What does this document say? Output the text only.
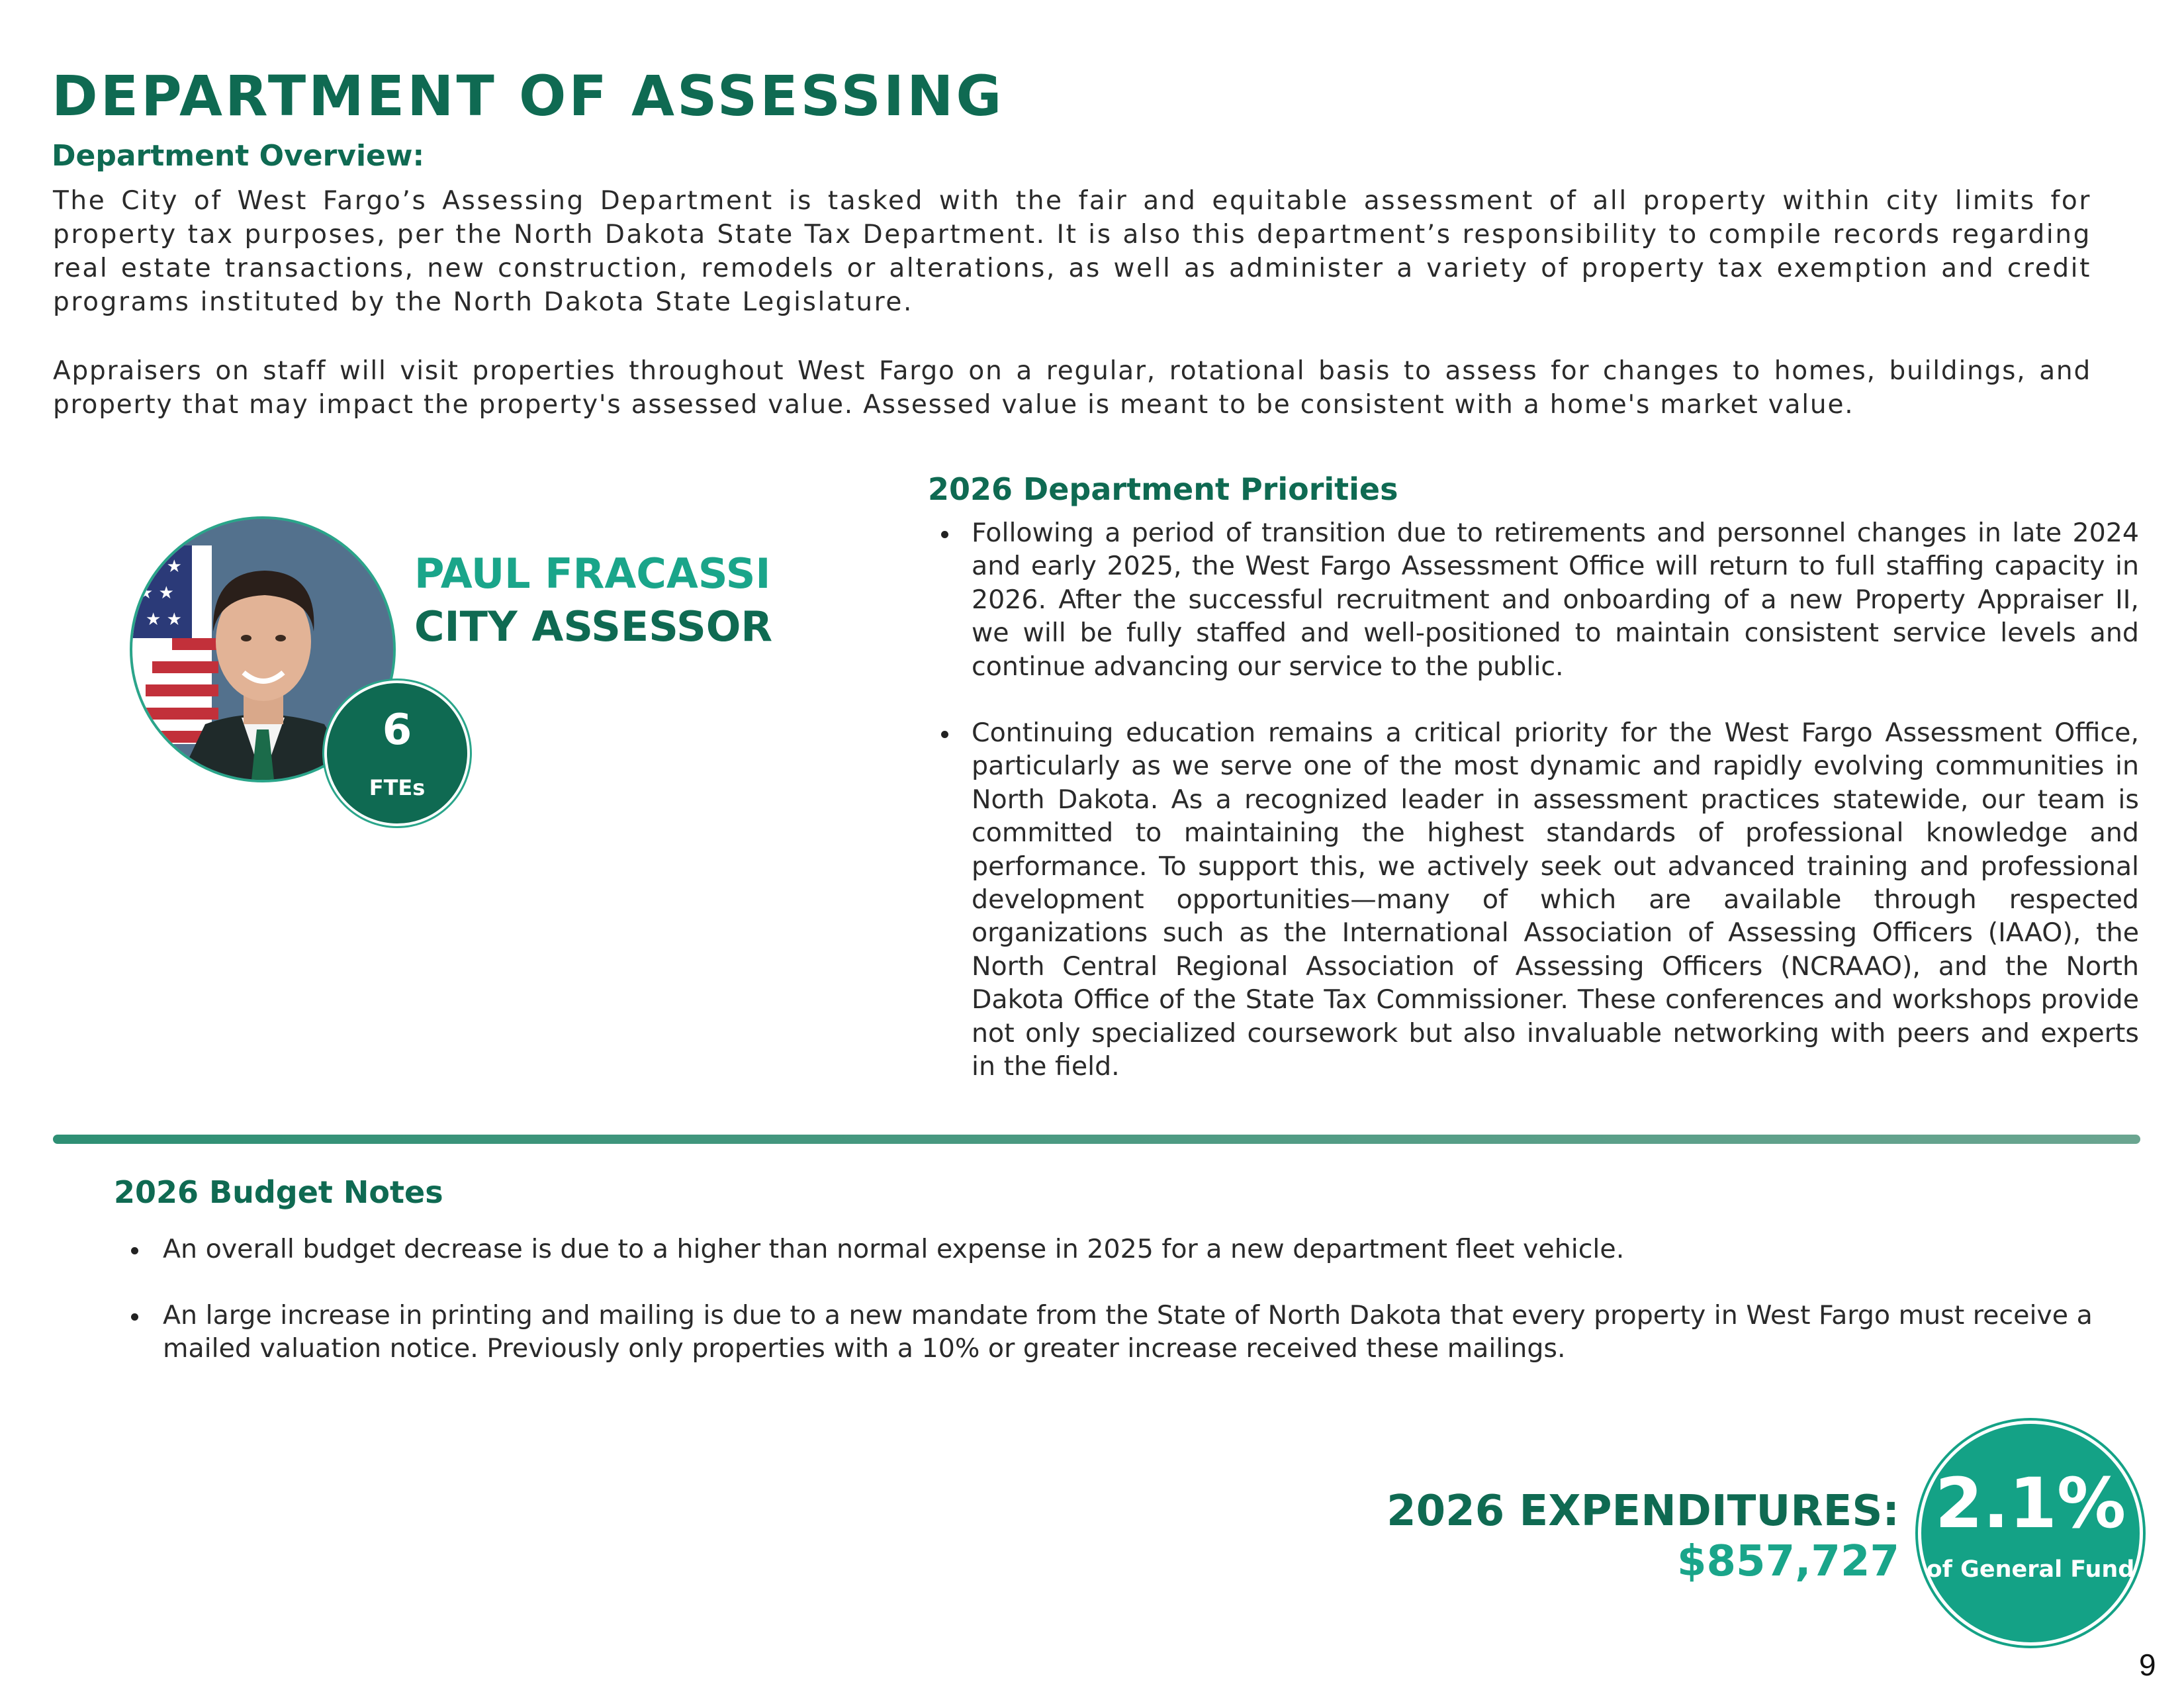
DEPARTMENT OF ASSESSING
Department Overview:

The City of West Fargo’s Assessing Department is tasked with the fair and equitable assessment of all property within city limits for property tax purposes, per the North Dakota State Tax Department. It is also this department’s responsibility to compile records regarding real estate transactions, new construction, remodels or alterations, as well as administer a variety of property tax exemption and credit programs instituted by the North Dakota State Legislature.

Appraisers on staff will visit properties throughout West Fargo on a regular, rotational basis to assess for changes to homes, buildings, and property that may impact the property's assessed value. Assessed value is meant to be consistent with a home's market value.

★ ★
★ ★
★ ★
6
FTEs
PAUL FRACASSI
CITY ASSESSOR
2026 Department Priorities
Following a period of transition due to retirements and personnel changes in late 2024 and early 2025, the West Fargo Assessment Office will return to full staffing capacity in 2026. After the successful recruitment and onboarding of a new Property Appraiser II, we will be fully staffed and well-positioned to maintain consistent service levels and continue advancing our service to the public.
Continuing education remains a critical priority for the West Fargo Assessment Office, particularly as we serve one of the most dynamic and rapidly evolving communities in North Dakota. As a recognized leader in assessment practices statewide, our team is committed to maintaining the highest standards of professional knowledge and performance. To support this, we actively seek out advanced training and professional development opportunities—many of which are available through respected organizations such as the International Association of Assessing Officers (IAAO), the North Central Regional Association of Assessing Officers (NCRAAO), and the North Dakota Office of the State Tax Commissioner. These conferences and workshops provide not only specialized coursework but also invaluable networking with peers and experts in the field.
2026 Budget Notes
An overall budget decrease is due to a higher than normal expense in 2025 for a new department fleet vehicle.
An large increase in printing and mailing is due to a new mandate from the State of North Dakota that every property in West Fargo must receive a mailed valuation notice. Previously only properties with a 10% or greater increase received these mailings.
2026 EXPENDITURES:
$857,727
2.1%
of General Fund
9
